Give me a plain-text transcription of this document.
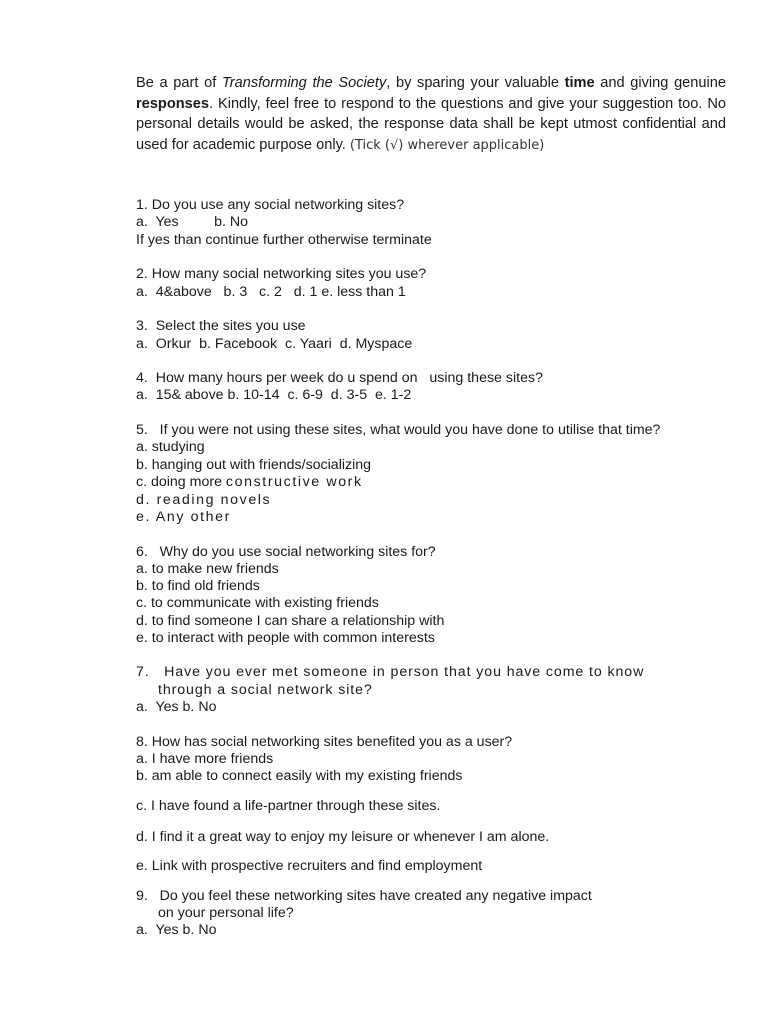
Be a part of Transforming the Society, by sparing your valuable time and giving genuine responses. Kindly, feel free to respond to the questions and give your suggestion too. No personal details would be asked, the response data shall be kept utmost confidential and used for academic purpose only. (Tick (√) wherever applicable)
1. Do you use any social networking sites?
a.  Yes         b. No
If yes than continue further otherwise terminate
2. How many social networking sites you use?
a.  4&above   b. 3   c. 2   d. 1 e. less than 1
3.  Select the sites you use
a.  Orkur  b. Facebook  c. Yaari  d. Myspace
4.  How many hours per week do u spend on   using these sites?
a.  15& above b. 10-14  c. 6-9  d. 3-5  e. 1-2
5.   If you were not using these sites, what would you have done to utilise that time?
a. studying
b. hanging out with friends/socializing
c. doing more constructive work
d. reading novels
e. Any other
6.   Why do you use social networking sites for?
a. to make new friends
b. to find old friends
c. to communicate with existing friends
d. to find someone I can share a relationship with
e. to interact with people with common interests
7.   Have you ever met someone in person that you have come to know
through a social network site?
a.  Yes b. No
8. How has social networking sites benefited you as a user?
a. I have more friends
b. am able to connect easily with my existing friends
c. I have found a life-partner through these sites.
d. I find it a great way to enjoy my leisure or whenever I am alone.
e. Link with prospective recruiters and find employment
9.   Do you feel these networking sites have created any negative impact
on your personal life?
a.  Yes b. No
